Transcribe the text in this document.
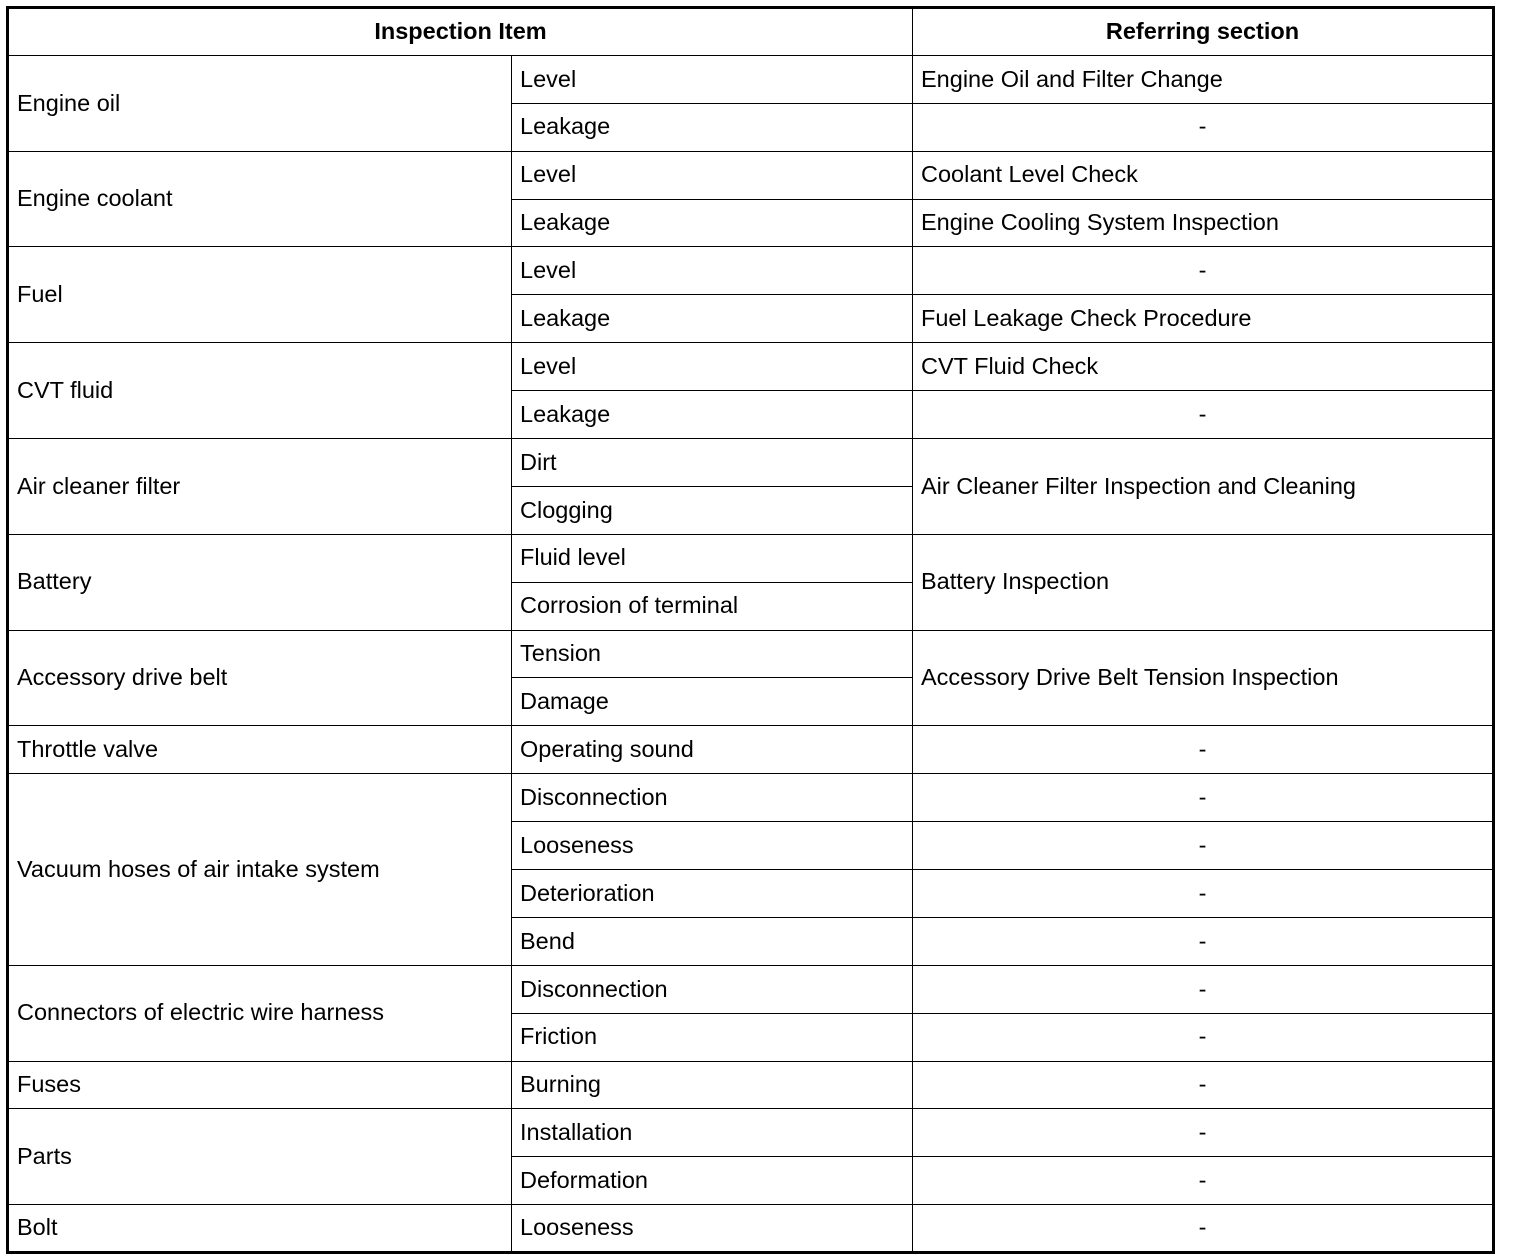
Inspection Item		Referring section
Engine oil	Level	Engine Oil and Filter Change
	Leakage	-
Engine coolant	Level	Coolant Level Check
	Leakage	Engine Cooling System Inspection
Fuel	Level	-
	Leakage	Fuel Leakage Check Procedure
CVT fluid	Level	CVT Fluid Check
	Leakage	-
Air cleaner filter	Dirt	Air Cleaner Filter Inspection and Cleaning
	Clogging	
Battery	Fluid level	Battery Inspection
	Corrosion of terminal	
Accessory drive belt	Tension	Accessory Drive Belt Tension Inspection
	Damage	
Throttle valve	Operating sound	-
Vacuum hoses of air intake system	Disconnection	-
	Looseness	-
	Deterioration	-
	Bend	-
Connectors of electric wire harness	Disconnection	-
	Friction	-
Fuses	Burning	-
Parts	Installation	-
	Deformation	-
Bolt	Looseness	-
